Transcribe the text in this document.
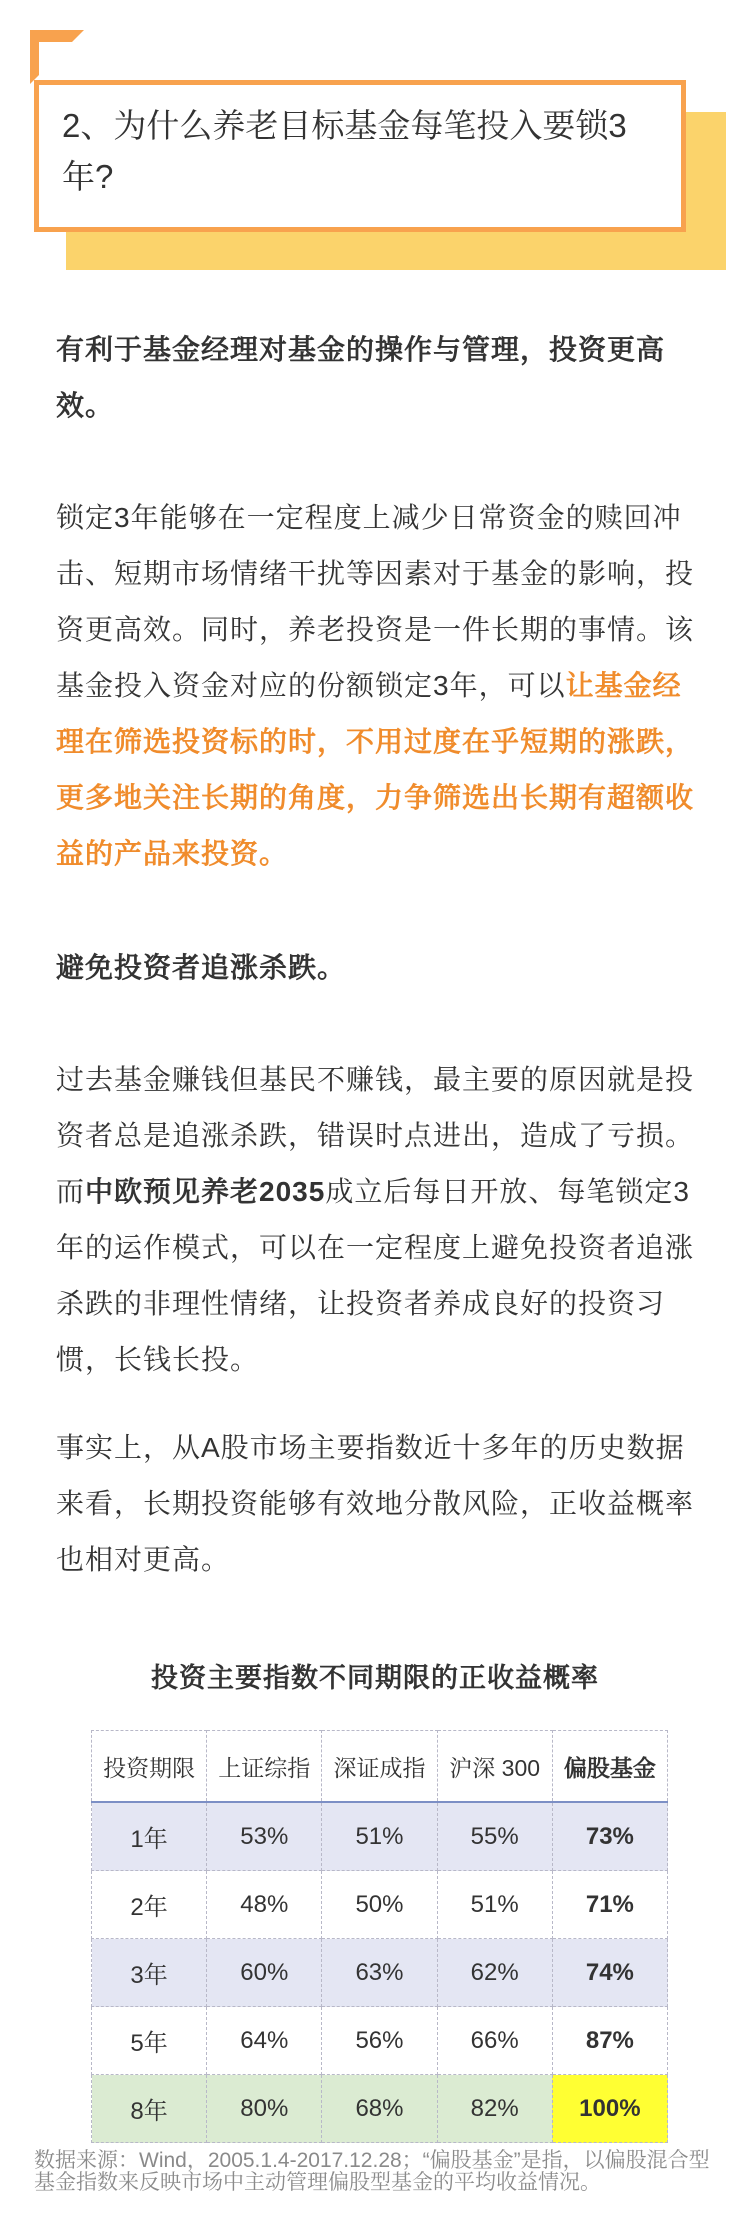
2、为什么养老目标基金每笔投入要锁3年?
有利于基金经理对基金的操作与管理，投资更高效。
锁定3年能够在一定程度上减少日常资金的赎回冲击、短期市场情绪干扰等因素对于基金的影响，投资更高效。同时，养老投资是一件长期的事情。该基金投入资金对应的份额锁定3年，可以让基金经理在筛选投资标的时，不用过度在乎短期的涨跌，更多地关注长期的角度，力争筛选出长期有超额收益的产品来投资。
避免投资者追涨杀跌。
过去基金赚钱但基民不赚钱，最主要的原因就是投资者总是追涨杀跌，错误时点进出，造成了亏损。而中欧预见养老2035成立后每日开放、每笔锁定3年的运作模式，可以在一定程度上避免投资者追涨杀跌的非理性情绪，让投资者养成良好的投资习惯，长钱长投。
事实上，从A股市场主要指数近十多年的历史数据来看，长期投资能够有效地分散风险，正收益概率也相对更高。
投资主要指数不同期限的正收益概率
投资期限	上证综指	深证成指	沪深 300	偏股基金
1年	53%	51%	55%	73%
2年	48%	50%	51%	71%
3年	60%	63%	62%	74%
5年	64%	56%	66%	87%
8年	80%	68%	82%	100%
数据来源：Wind，2005.1.4-2017.12.28；“偏股基金”是指，以偏股混合型基金指数来反映市场中主动管理偏股型基金的平均收益情况。
